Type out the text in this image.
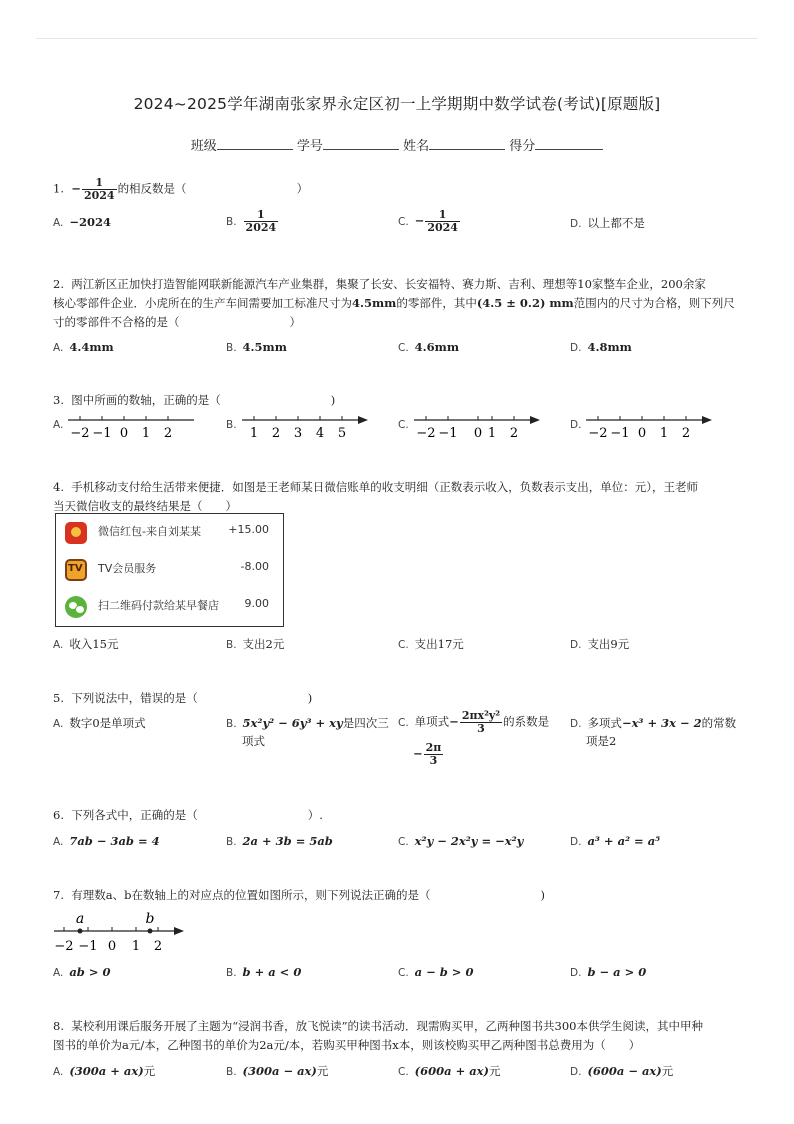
2024~2025学年湖南张家界永定区初一上学期期中数学试卷(考试)[原题版]
班级	学号	姓名	得分
1. − $\frac{1}{2024}$ 的相反数是（	）
A. −2024	B. $\frac{1}{2024}$	C. − $\frac{1}{2024}$	D. 以上都不是
2. 两江新区正加快打造智能网联新能源汽车产业集群，集聚了长安、长安福特、赛力斯、吉利、理想等10家整车企业，200余家
核心零部件企业．小虎所在的生产车间需要加工标准尺寸为4.5mm的零部件，其中(4.5 ± 0.2) mm范围内的尺寸为合格，则下列尺
寸的零部件不合格的是（	）
A. 4.4mm	B. 4.5mm	C. 4.6mm	D. 4.8mm
3. 图中所画的数轴，正确的是（	)
A.	B.	C.	D.
−2 −1 0 1 2	1 2 3 4 5	−2 −1 0 1 2	−2 −1 0 1 2
4. 手机移动支付给生活带来便捷．如图是王老师某日微信账单的收支明细（正数表示收入，负数表示支出，单位：元），王老师
当天微信收支的最终结果是（　　）
微信红包-来自刘某某 +15.00
TV TV会员服务	-8.00
扫二维码付款给某早餐店 9.00
A. 收入15元	B. 支出2元	C. 支出17元	D. 支出9元
5. 下列说法中，错误的是（	)
A. 数字0是单项式	B. 5x²y² − 6y³ + xy是四次三
项式
C. 单项式− $\frac{\text{2πx²y²}}{3}$ 的系数是
− $\frac{2\pi}{3}$
D. 多项式−x³ + 3x − 2的常数
项是2
6. 下列各式中，正确的是（	）.
A. 7ab − 3ab = 4	B. 2a + 3b = 5ab	C. x²y − 2x²y = −x²y	D. a³ + a² = a⁵
7. 有理数a、b在数轴上的对应点的位置如图所示，则下列说法正确的是（	)
a	b
−2 −1 0 1 2
A. ab > 0	B. b + a < 0	C. a − b > 0	D. b − a > 0
8. 某校利用课后服务开展了主题为“浸润书香，放飞悦读”的读书活动．现需购买甲，乙两种图书共300本供学生阅读，其中甲种
图书的单价为a元/本，乙种图书的单价为2a元/本，若购买甲种图书x本，则该校购买甲乙两种图书总费用为（　　）
A. (300a + ax)元	B. (300a − ax)元	C. (600a + ax)元	D. (600a − ax)元
